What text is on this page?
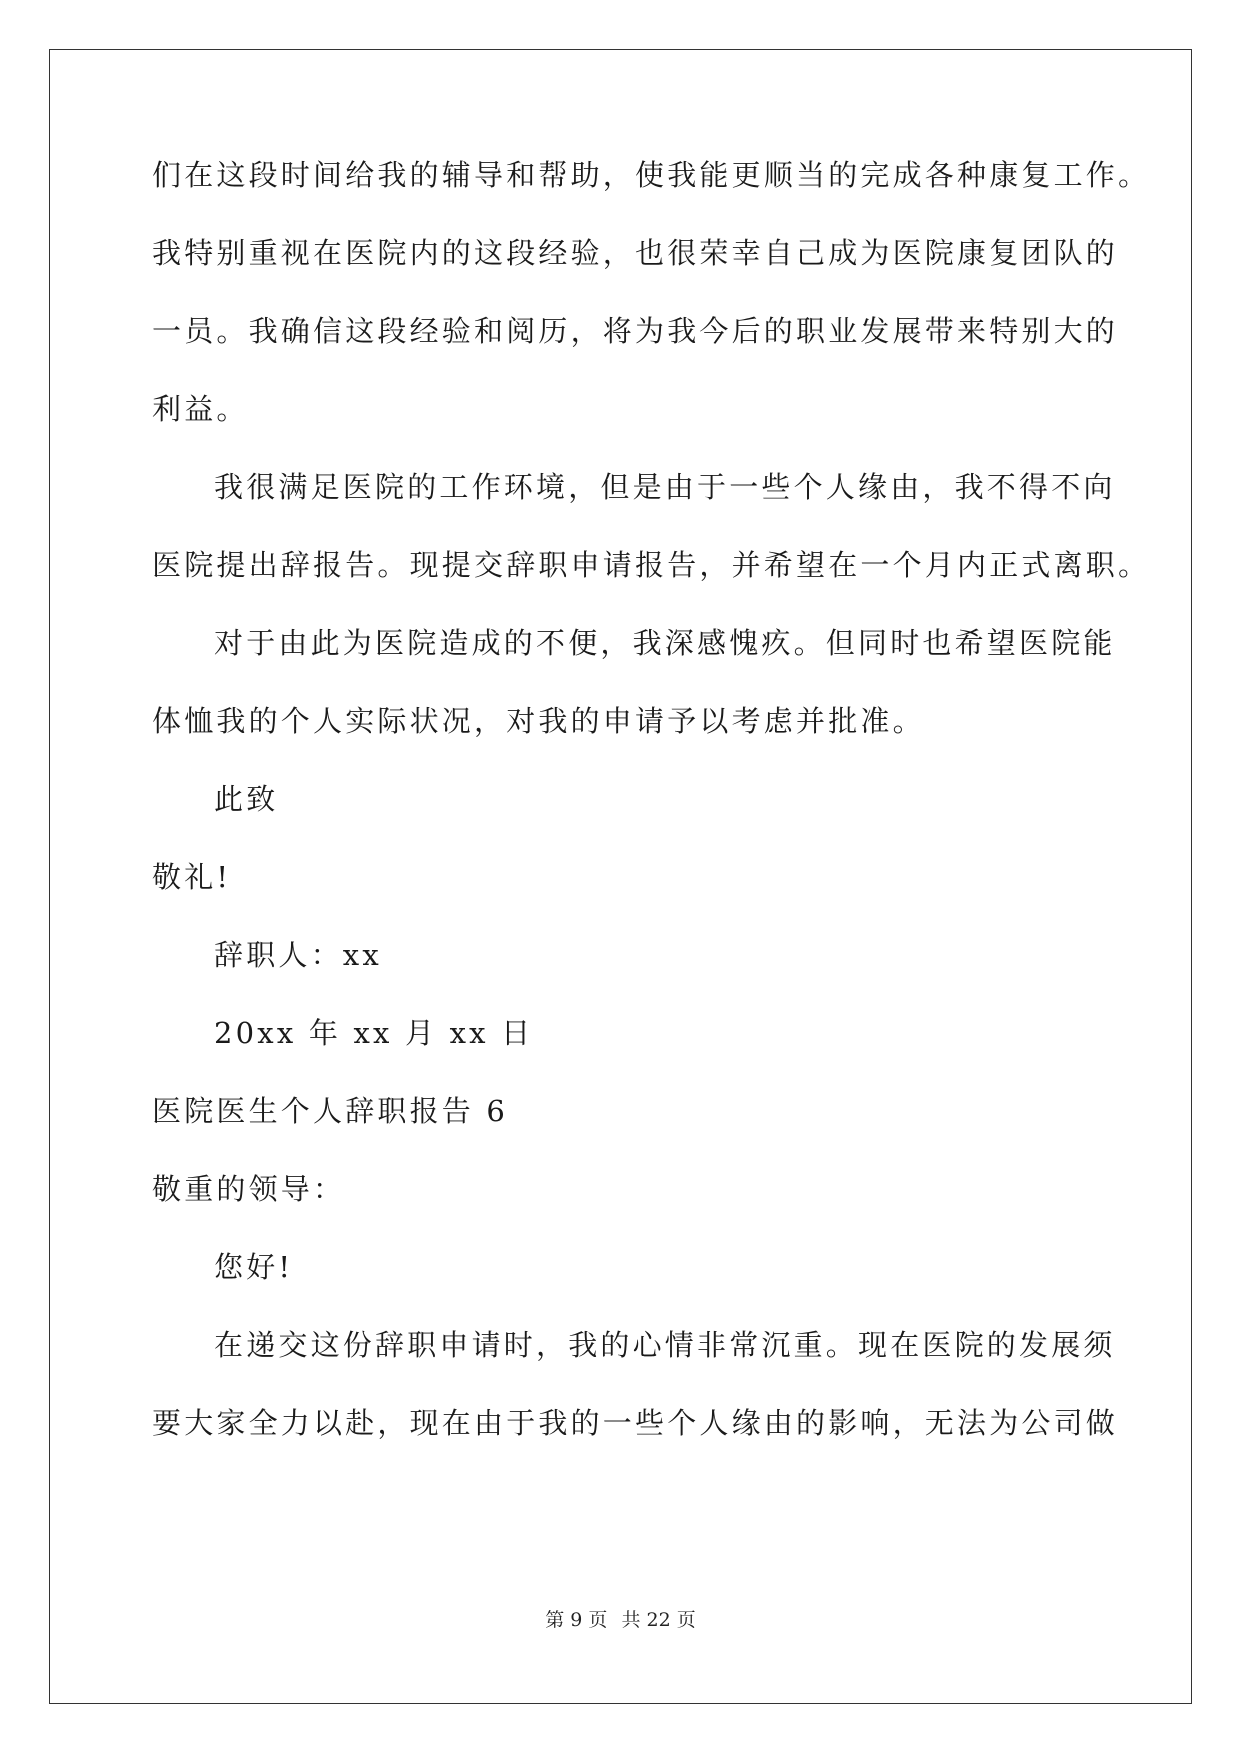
们在这段时间给我的辅导和帮助，使我能更顺当的完成各种康复工作。
我特别重视在医院内的这段经验，也很荣幸自己成为医院康复团队的
一员。我确信这段经验和阅历，将为我今后的职业发展带来特别大的
利益。
我很满足医院的工作环境，但是由于一些个人缘由，我不得不向
医院提出辞报告。现提交辞职申请报告，并希望在一个月内正式离职。
对于由此为医院造成的不便，我深感愧疚。但同时也希望医院能
体恤我的个人实际状况，对我的申请予以考虑并批准。
此致
敬礼!
辞职人：xx
20xx 年 xx 月 xx 日
医院医生个人辞职报告 6
敬重的领导：
您好!
在递交这份辞职申请时，我的心情非常沉重。现在医院的发展须
要大家全力以赴，现在由于我的一些个人缘由的影响，无法为公司做
第 9 页 共 22 页
